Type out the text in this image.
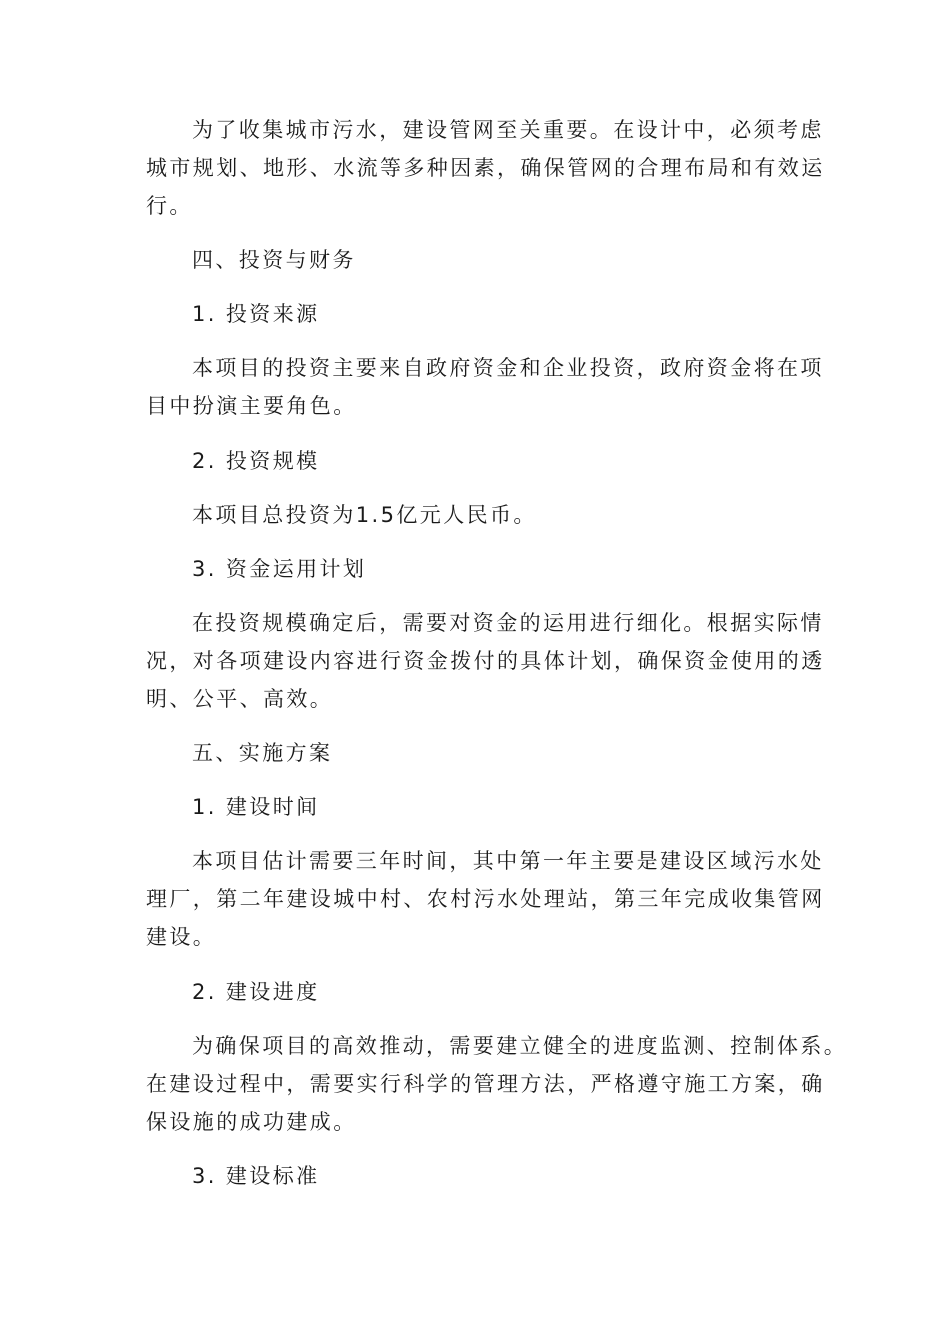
为了收集城市污水，建设管网至关重要。在设计中，必须考虑
城市规划、地形、水流等多种因素，确保管网的合理布局和有效运
行。
四、投资与财务
1. 投资来源
本项目的投资主要来自政府资金和企业投资，政府资金将在项
目中扮演主要角色。
2. 投资规模
本项目总投资为1.5亿元人民币。
3. 资金运用计划
在投资规模确定后，需要对资金的运用进行细化。根据实际情
况，对各项建设内容进行资金拨付的具体计划，确保资金使用的透
明、公平、高效。
五、实施方案
1. 建设时间
本项目估计需要三年时间，其中第一年主要是建设区域污水处
理厂，第二年建设城中村、农村污水处理站，第三年完成收集管网
建设。
2. 建设进度
为确保项目的高效推动，需要建立健全的进度监测、控制体系。
在建设过程中，需要实行科学的管理方法，严格遵守施工方案，确
保设施的成功建成。
3. 建设标准
